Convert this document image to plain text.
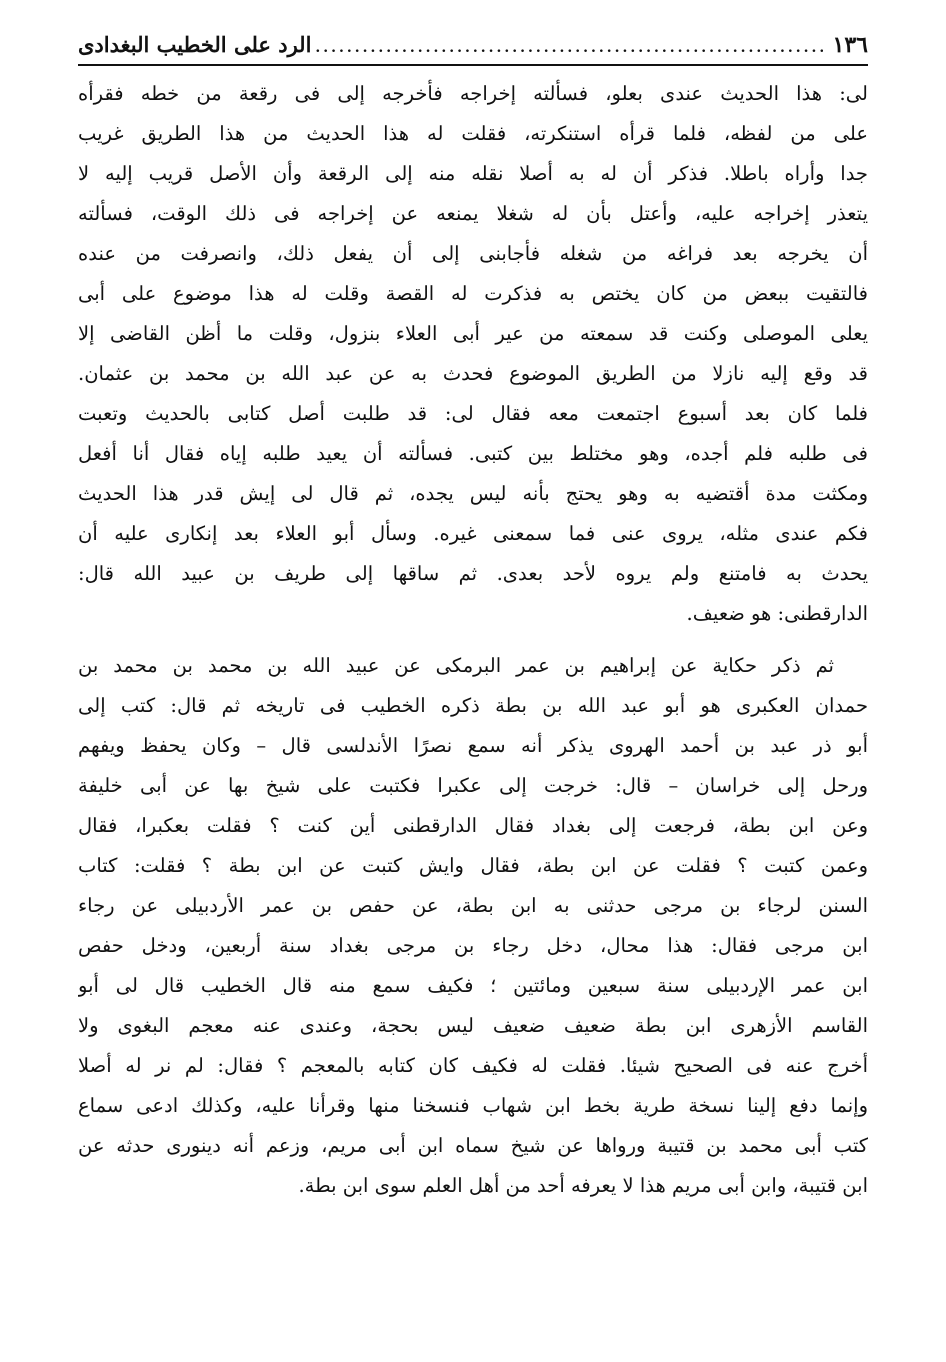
١٣٦
.....
الرد على الخطيب البغدادى

لى: هذا الحديث عندى بعلو، فسألته إخراجه فأخرجه إلى فى رقعة من خطه فقرأه
على من لفظه، فلما قرأه استنكرته، فقلت له هذا الحديث من هذا الطريق غريب
جدا وأراه باطلا. فذكر أن له به أصلا نقله منه إلى الرقعة وأن الأصل قريب إليه لا
يتعذر إخراجه عليه، وأعتل بأن له شغلا يمنعه عن إخراجه فى ذلك الوقت، فسألته
أن يخرجه بعد فراغه من شغله فأجابنى إلى أن يفعل ذلك، وانصرفت من عنده
فالتقيت ببعض من كان يختص به فذكرت له القصة وقلت له هذا موضوع على أبى
يعلى الموصلى وكنت قد سمعته من عير أبى العلاء بنزول، وقلت ما أظن القاضى إلا
قد وقع إليه نازلا من الطريق الموضوع فحدث به عن عبد الله بن محمد بن عثمان.
فلما كان بعد أسبوع اجتمعت معه فقال لى: قد طلبت أصل كتابى بالحديث وتعبت
فى طلبه فلم أجده، وهو مختلط بين كتبى. فسألته أن يعيد طلبه إياه فقال أنا أفعل
ومكثت مدة أقتضيه به وهو يحتج بأنه ليس يجده، ثم قال لى إيش قدر هذا الحديث
فكم عندى مثله، يروى عنى فما سمعنى غيره. وسأل أبو العلاء بعد إنكارى عليه أن
يحدث به فامتنع ولم يروه لأحد بعدى. ثم ساقها إلى طريف بن عبيد الله قال:
الدارقطنى: هو ضعيف.

ثم ذكر حكاية عن إبراهيم بن عمر البرمكى عن عبيد الله بن محمد بن محمد بن
حمدان العكبرى هو أبو عبد الله بن بطة ذكره الخطيب فى تاريخه ثم قال: كتب إلى
أبو ذر عبد بن أحمد الهروى يذكر أنه سمع نصرًا الأندلسى قال – وكان يحفظ ويفهم
ورحل إلى خراسان – قال: خرجت إلى عكبرا فكتبت على شيخ بها عن أبى خليفة
وعن ابن بطة، فرجعت إلى بغداد فقال الدارقطنى أين كنت ؟ فقلت بعكبرا، فقال
وعمن كتبت ؟ فقلت عن ابن بطة، فقال وايش كتبت عن ابن بطة ؟ فقلت: كتاب
السنن لرجاء بن مرجى حدثنى به ابن بطة، عن حفص بن عمر الأردبيلى عن رجاء
ابن مرجى فقال: هذا محال، دخل رجاء بن مرجى بغداد سنة أربعين، ودخل حفص
ابن عمر الإردبيلى سنة سبعين ومائتين ؛ فكيف سمع منه قال الخطيب قال لى أبو
القاسم الأزهرى ابن بطة ضعيف ضعيف ليس بحجة، وعندى عنه معجم البغوى ولا
أخرج عنه فى الصحيح شيئا. فقلت له فكيف كان كتابه بالمعجم ؟ فقال: لم نر له أصلا
وإنما دفع إلينا نسخة طرية بخط ابن شهاب فنسخنا منها وقرأنا عليه، وكذلك ادعى سماع
كتب أبى محمد بن قتيبة ورواها عن شيخ سماه ابن أبى مريم، وزعم أنه دينورى حدثه عن
ابن قتيبة، وابن أبى مريم هذا لا يعرفه أحد من أهل العلم سوى ابن بطة.
